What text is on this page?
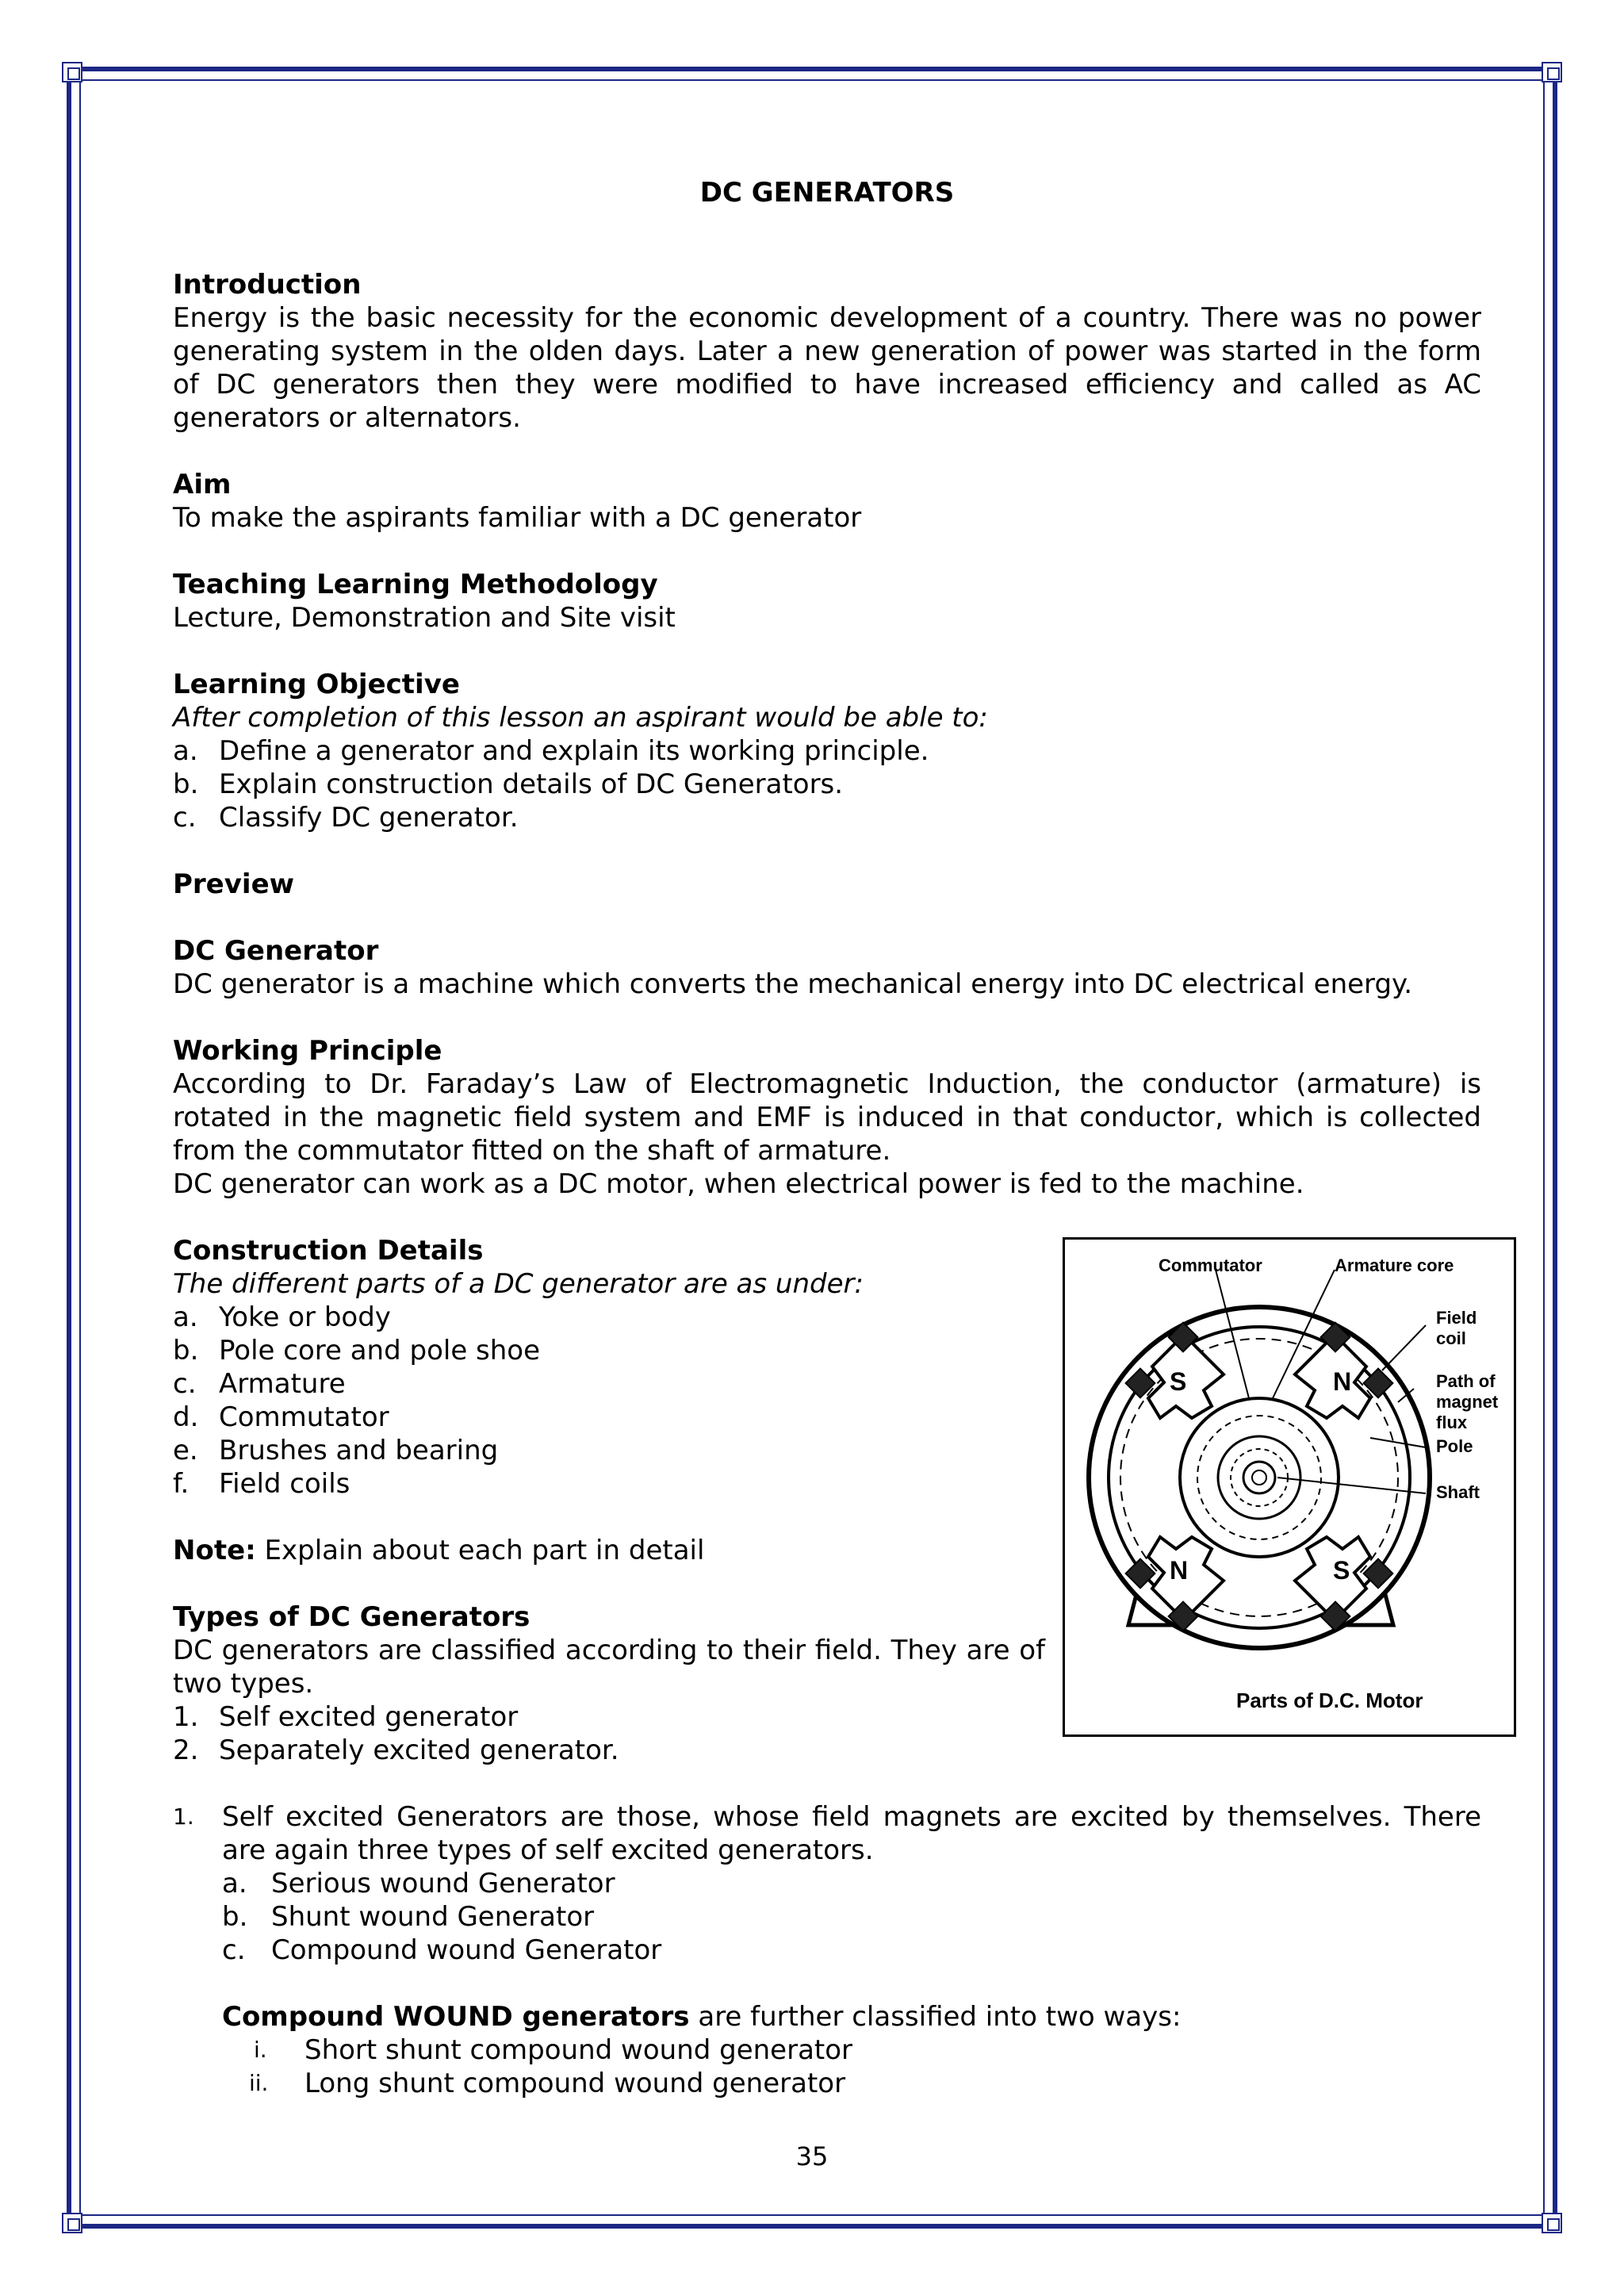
DC GENERATORS

Introduction

Energy is the basic necessity for the economic development of a country. There was no power generating system in the olden days. Later a new generation of power was started in the form of DC generators then they were modified to have increased efficiency and called as AC generators or alternators.

Aim

To make the aspirants familiar with a DC generator

Teaching Learning Methodology

Lecture, Demonstration and Site visit

Learning Objective

After completion of this lesson an aspirant would be able to:

a. Define a generator and explain its working principle.

b. Explain construction details of DC Generators.

c. Classify DC generator.

Preview

DC Generator

DC generator is a machine which converts the mechanical energy into DC electrical energy.

Working Principle

According to Dr. Faraday’s Law of Electromagnetic Induction, the conductor (armature) is rotated in the magnetic field system and EMF is induced in that conductor, which is collected from the commutator fitted on the shaft of armature.

DC generator can work as a DC motor, when electrical power is fed to the machine.

Construction Details

The different parts of a DC generator are as under:

a. Yoke or body

b. Pole core and pole shoe

c. Armature

d. Commutator

e. Brushes and bearing

f. Field coils

Note: Explain about each part in detail

Types of DC Generators

DC generators are classified according to their field. They are of two types.

1. Self excited generator

2. Separately excited generator.

1. Self excited Generators are those, whose field magnets are excited by themselves. There are again three types of self excited generators.

a. Serious wound Generator

b. Shunt wound Generator

c. Compound wound Generator

Compound WOUND generators are further classified into two ways:

i. Short shunt compound wound generator

ii. Long shunt compound wound generator

S	N
N	S
Commutator	Armature core
Field
coil
Path of
magnet
flux
Pole
Shaft
Parts of D.C. Motor
35
